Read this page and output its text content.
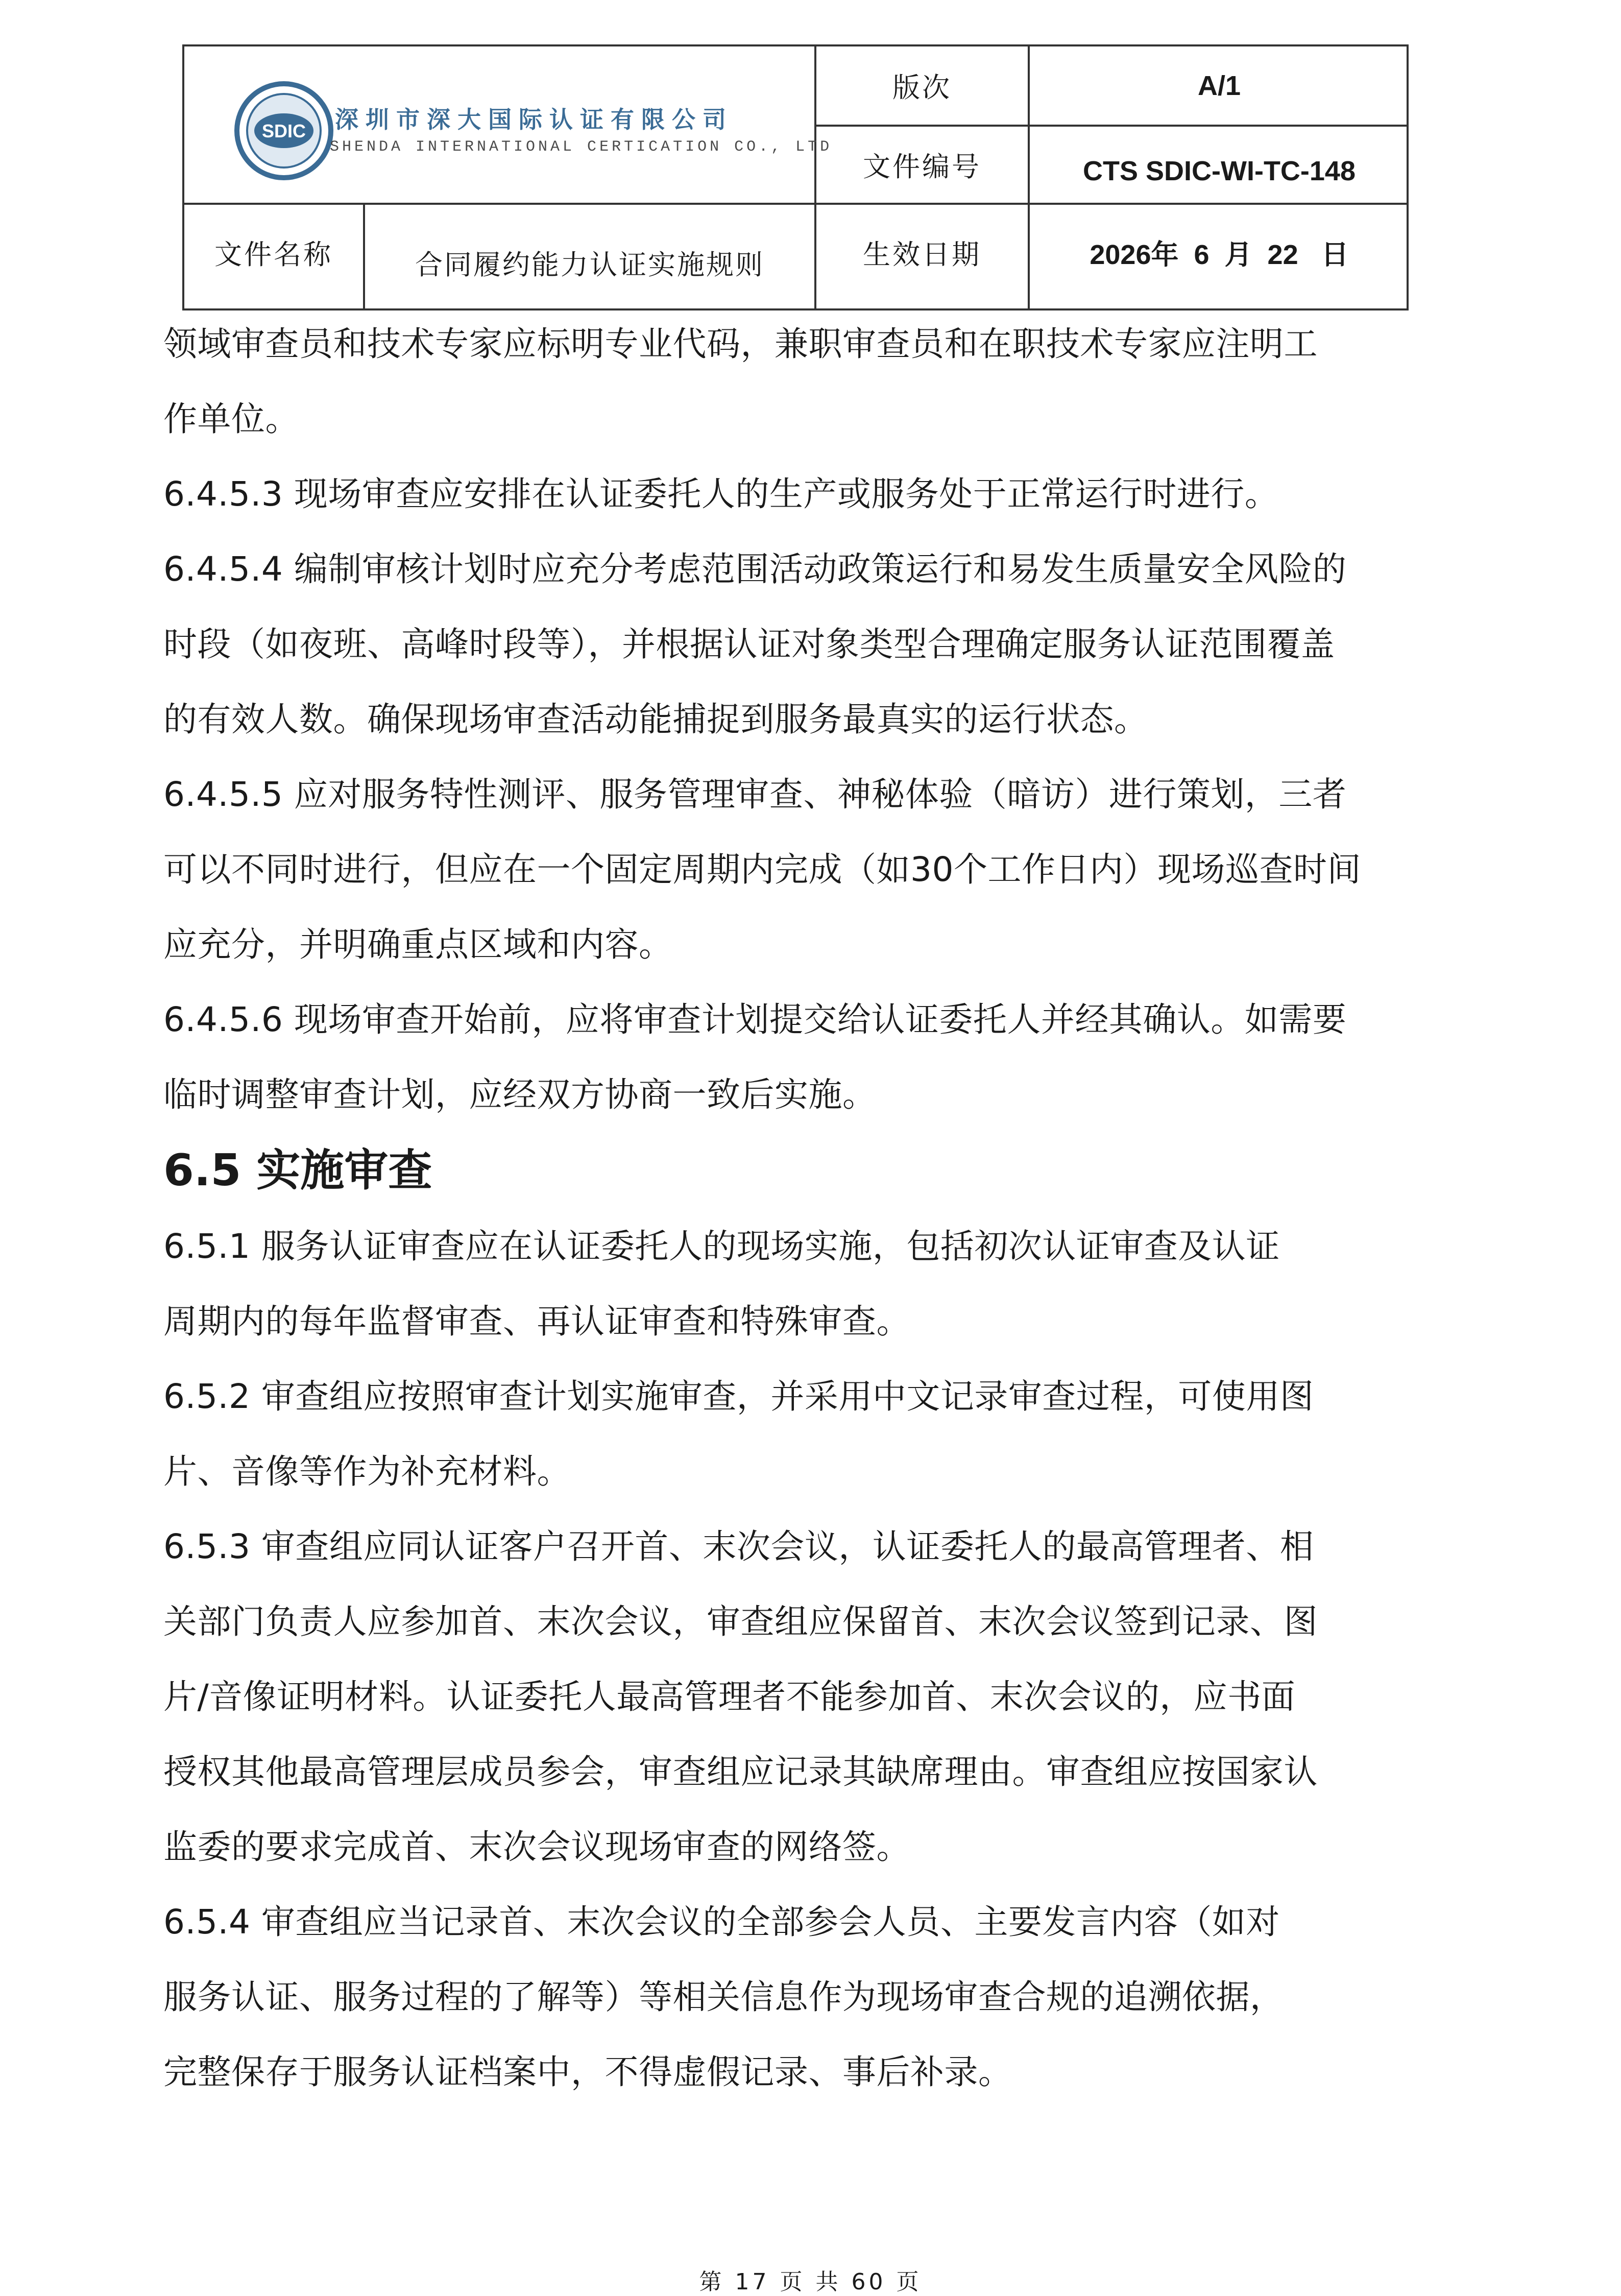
SDIC 深圳市深大国际认证有限公司
SHENDA INTERNATIONAL CERTICATION CO., LTD
版次	A/1
文件编号	CTS SDIC-WI-TC-148
文件名称	合同履约能力认证实施规则	生效日期	2026年  6  月  22   日

领域审查员和技术专家应标明专业代码，兼职审查员和在职技术专家应注明工

作单位。

6.4.5.3 现场审查应安排在认证委托人的生产或服务处于正常运行时进行。

6.4.5.4 编制审核计划时应充分考虑范围活动政策运行和易发生质量安全风险的

时段（如夜班、高峰时段等），并根据认证对象类型合理确定服务认证范围覆盖

的有效人数。确保现场审查活动能捕捉到服务最真实的运行状态。

6.4.5.5 应对服务特性测评、服务管理审查、神秘体验（暗访）进行策划，三者

可以不同时进行，但应在一个固定周期内完成（如30个工作日内）现场巡查时间

应充分，并明确重点区域和内容。

6.4.5.6 现场审查开始前，应将审查计划提交给认证委托人并经其确认。如需要

临时调整审查计划，应经双方协商一致后实施。

6.5 实施审查

6.5.1 服务认证审查应在认证委托人的现场实施，包括初次认证审查及认证

周期内的每年监督审查、再认证审查和特殊审查。

6.5.2 审查组应按照审查计划实施审查，并采用中文记录审查过程，可使用图

片、音像等作为补充材料。

6.5.3 审查组应同认证客户召开首、末次会议，认证委托人的最高管理者、相

关部门负责人应参加首、末次会议，审查组应保留首、末次会议签到记录、图

片/音像证明材料。认证委托人最高管理者不能参加首、末次会议的，应书面

授权其他最高管理层成员参会，审查组应记录其缺席理由。审查组应按国家认

监委的要求完成首、末次会议现场审查的网络签。

6.5.4 审查组应当记录首、末次会议的全部参会人员、主要发言内容（如对

服务认证、服务过程的了解等）等相关信息作为现场审查合规的追溯依据，

完整保存于服务认证档案中，不得虚假记录、事后补录。

第 17 页 共 60 页
